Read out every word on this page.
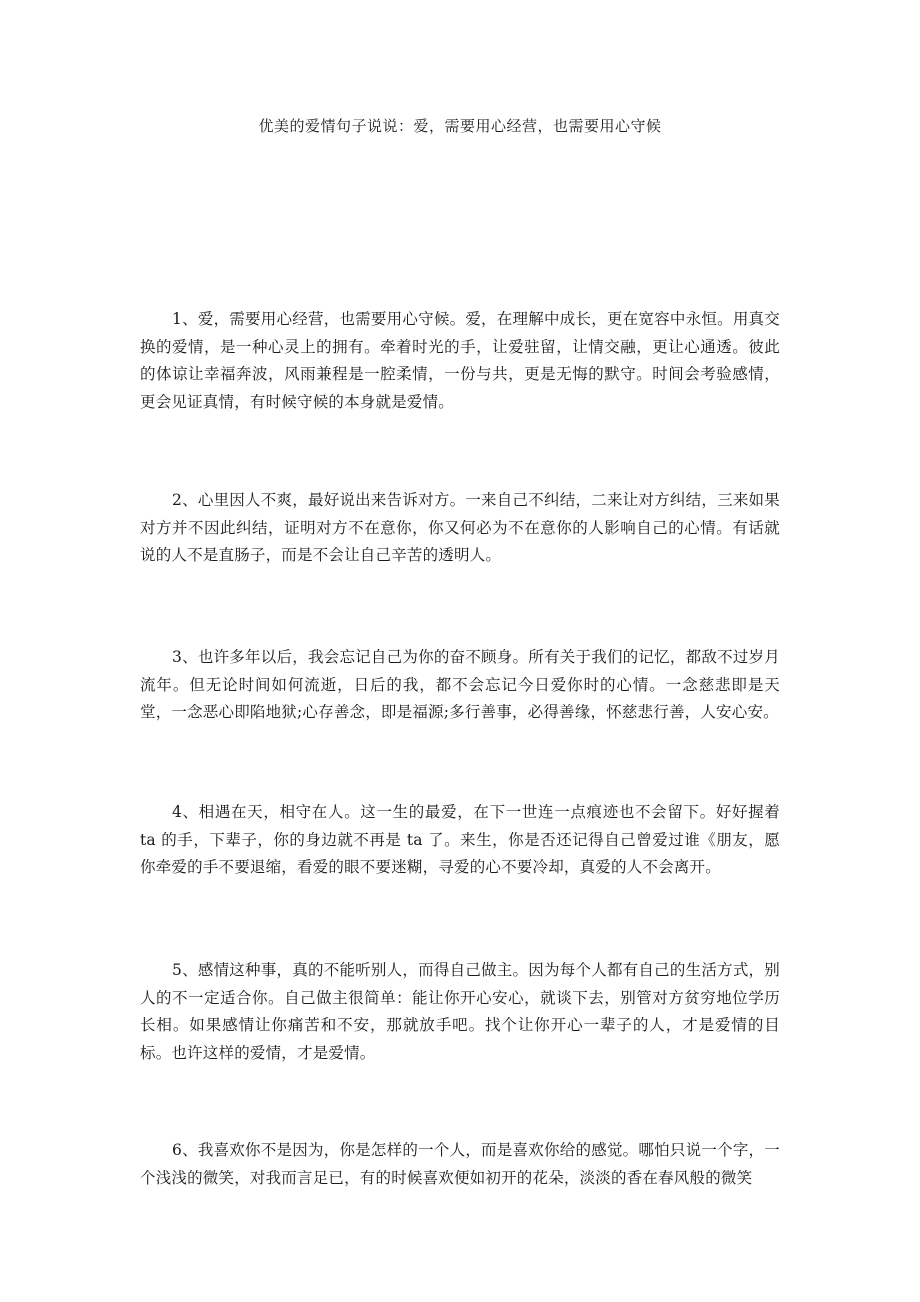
优美的爱情句子说说：爱，需要用心经营，也需要用心守候

1、爱，需要用心经营，也需要用心守候。爱，在理解中成长，更在宽容中永恒。用真交换的爱情，是一种心灵上的拥有。牵着时光的手，让爱驻留，让情交融，更让心通透。彼此的体谅让幸福奔波，风雨兼程是一腔柔情，一份与共，更是无悔的默守。时间会考验感情，更会见证真情，有时候守候的本身就是爱情。

2、心里因人不爽，最好说出来告诉对方。一来自己不纠结，二来让对方纠结，三来如果对方并不因此纠结，证明对方不在意你，你又何必为不在意你的人影响自己的心情。有话就说的人不是直肠子，而是不会让自己辛苦的透明人。

3、也许多年以后，我会忘记自己为你的奋不顾身。所有关于我们的记忆，都敌不过岁月流年。但无论时间如何流逝，日后的我，都不会忘记今日爱你时的心情。一念慈悲即是天堂，一念恶心即陷地狱;心存善念，即是福源;多行善事，必得善缘，怀慈悲行善，人安心安。

4、相遇在天，相守在人。这一生的最爱，在下一世连一点痕迹也不会留下。好好握着 ta 的手，下辈子，你的身边就不再是 ta 了。来生，你是否还记得自己曾爱过谁《朋友，愿你牵爱的手不要退缩，看爱的眼不要迷糊，寻爱的心不要冷却，真爱的人不会离开。

5、感情这种事，真的不能听别人，而得自己做主。因为每个人都有自己的生活方式，别人的不一定适合你。自己做主很简单：能让你开心安心，就谈下去，别管对方贫穷地位学历长相。如果感情让你痛苦和不安，那就放手吧。找个让你开心一辈子的人，才是爱情的目标。也许这样的爱情，才是爱情。

6、我喜欢你不是因为，你是怎样的一个人，而是喜欢你给的感觉。哪怕只说一个字，一个浅浅的微笑，对我而言足已，有的时候喜欢便如初开的花朵，淡淡的香在春风般的微笑
